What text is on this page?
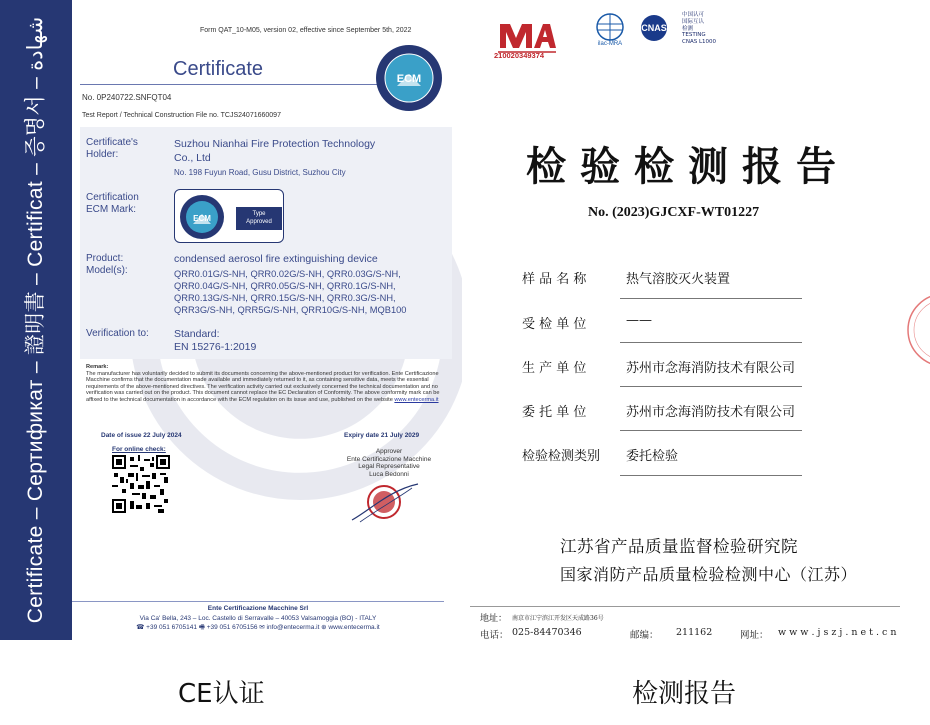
Certificate – Сертификат – 證明書 – Certificat – 증명서 – شهادة	Form QAT_10-M05, version 02, effective since September 5th, 2022
Certificate	ECM
No. 0P240722.SNFQT04
Test Report / Technical Construction File no. TCJS24071660097
Certificate's
Holder:
Suzhou Nianhai Fire Protection Technology
Co., Ltd
No. 198 Fuyun Road, Gusu District, Suzhou City
Certification
ECM Mark:
ECM	Type
Approved
Product:
Model(s):
condensed aerosol fire extinguishing device
QRR0.01G/S-NH, QRR0.02G/S-NH, QRR0.03G/S-NH,
QRR0.04G/S-NH, QRR0.05G/S-NH, QRR0.1G/S-NH,
QRR0.13G/S-NH, QRR0.15G/S-NH, QRR0.3G/S-NH,
QRR3G/S-NH, QRR5G/S-NH, QRR10G/S-NH, MQB100
Verification to: Standard:
EN 15276-1:2019
Remark:
The manufacturer has voluntarily decided to submit its documents concerning the above-mentioned product for verification. Ente Certificazione Macchine confirms that the documentation made available and immediately returned to it, as containing sensitive data, meets the essential requirements of the above-mentioned directives. The verification activity carried out exclusively concerned the technical documentation and no verification was carried out on the product. This document cannot replace the EC Declaration of Conformity. The above conformity mark can be affixed to the technical documentation in accordance with the ECM regulation on its issue and use, published on the website www.entecerma.it
Date of issue 22 July 2024	Expiry date 21 July 2029
For online check:	Approver
Ente Certificazione Macchine
Legal Representative
Luca Bedonni
Ente Certificazione Macchine Srl
Via Ca' Bella, 243 – Loc. Castello di Serravalle – 40053 Valsamoggia (BO) - ITALY
☎ +39 051 6705141 🖷 +39 051 6705156 ✉ info@entecerma.it ⊕ www.entecerma.it
210020349374
ilac-MRA
CNAS
中国认可
国际互认
检测
TESTING
CNAS L1000
检验检测报告
No. (2023)GJCXF-WT01227
样 品 名 称	热气溶胶灭火装置
受 检 单 位	——
生 产 单 位	苏州市念海消防技术有限公司
委 托 单 位	苏州市念海消防技术有限公司
检验检测类别 委托检验
江苏省产品质量监督检验研究院
国家消防产品质量检验检测中心（江苏）
地址： 南京市江宁滨江开发区天成路36号
电话： 025-84470346	邮编： 211162	网址： w w w . j s z j . n e t . c n
CE认证	检测报告
